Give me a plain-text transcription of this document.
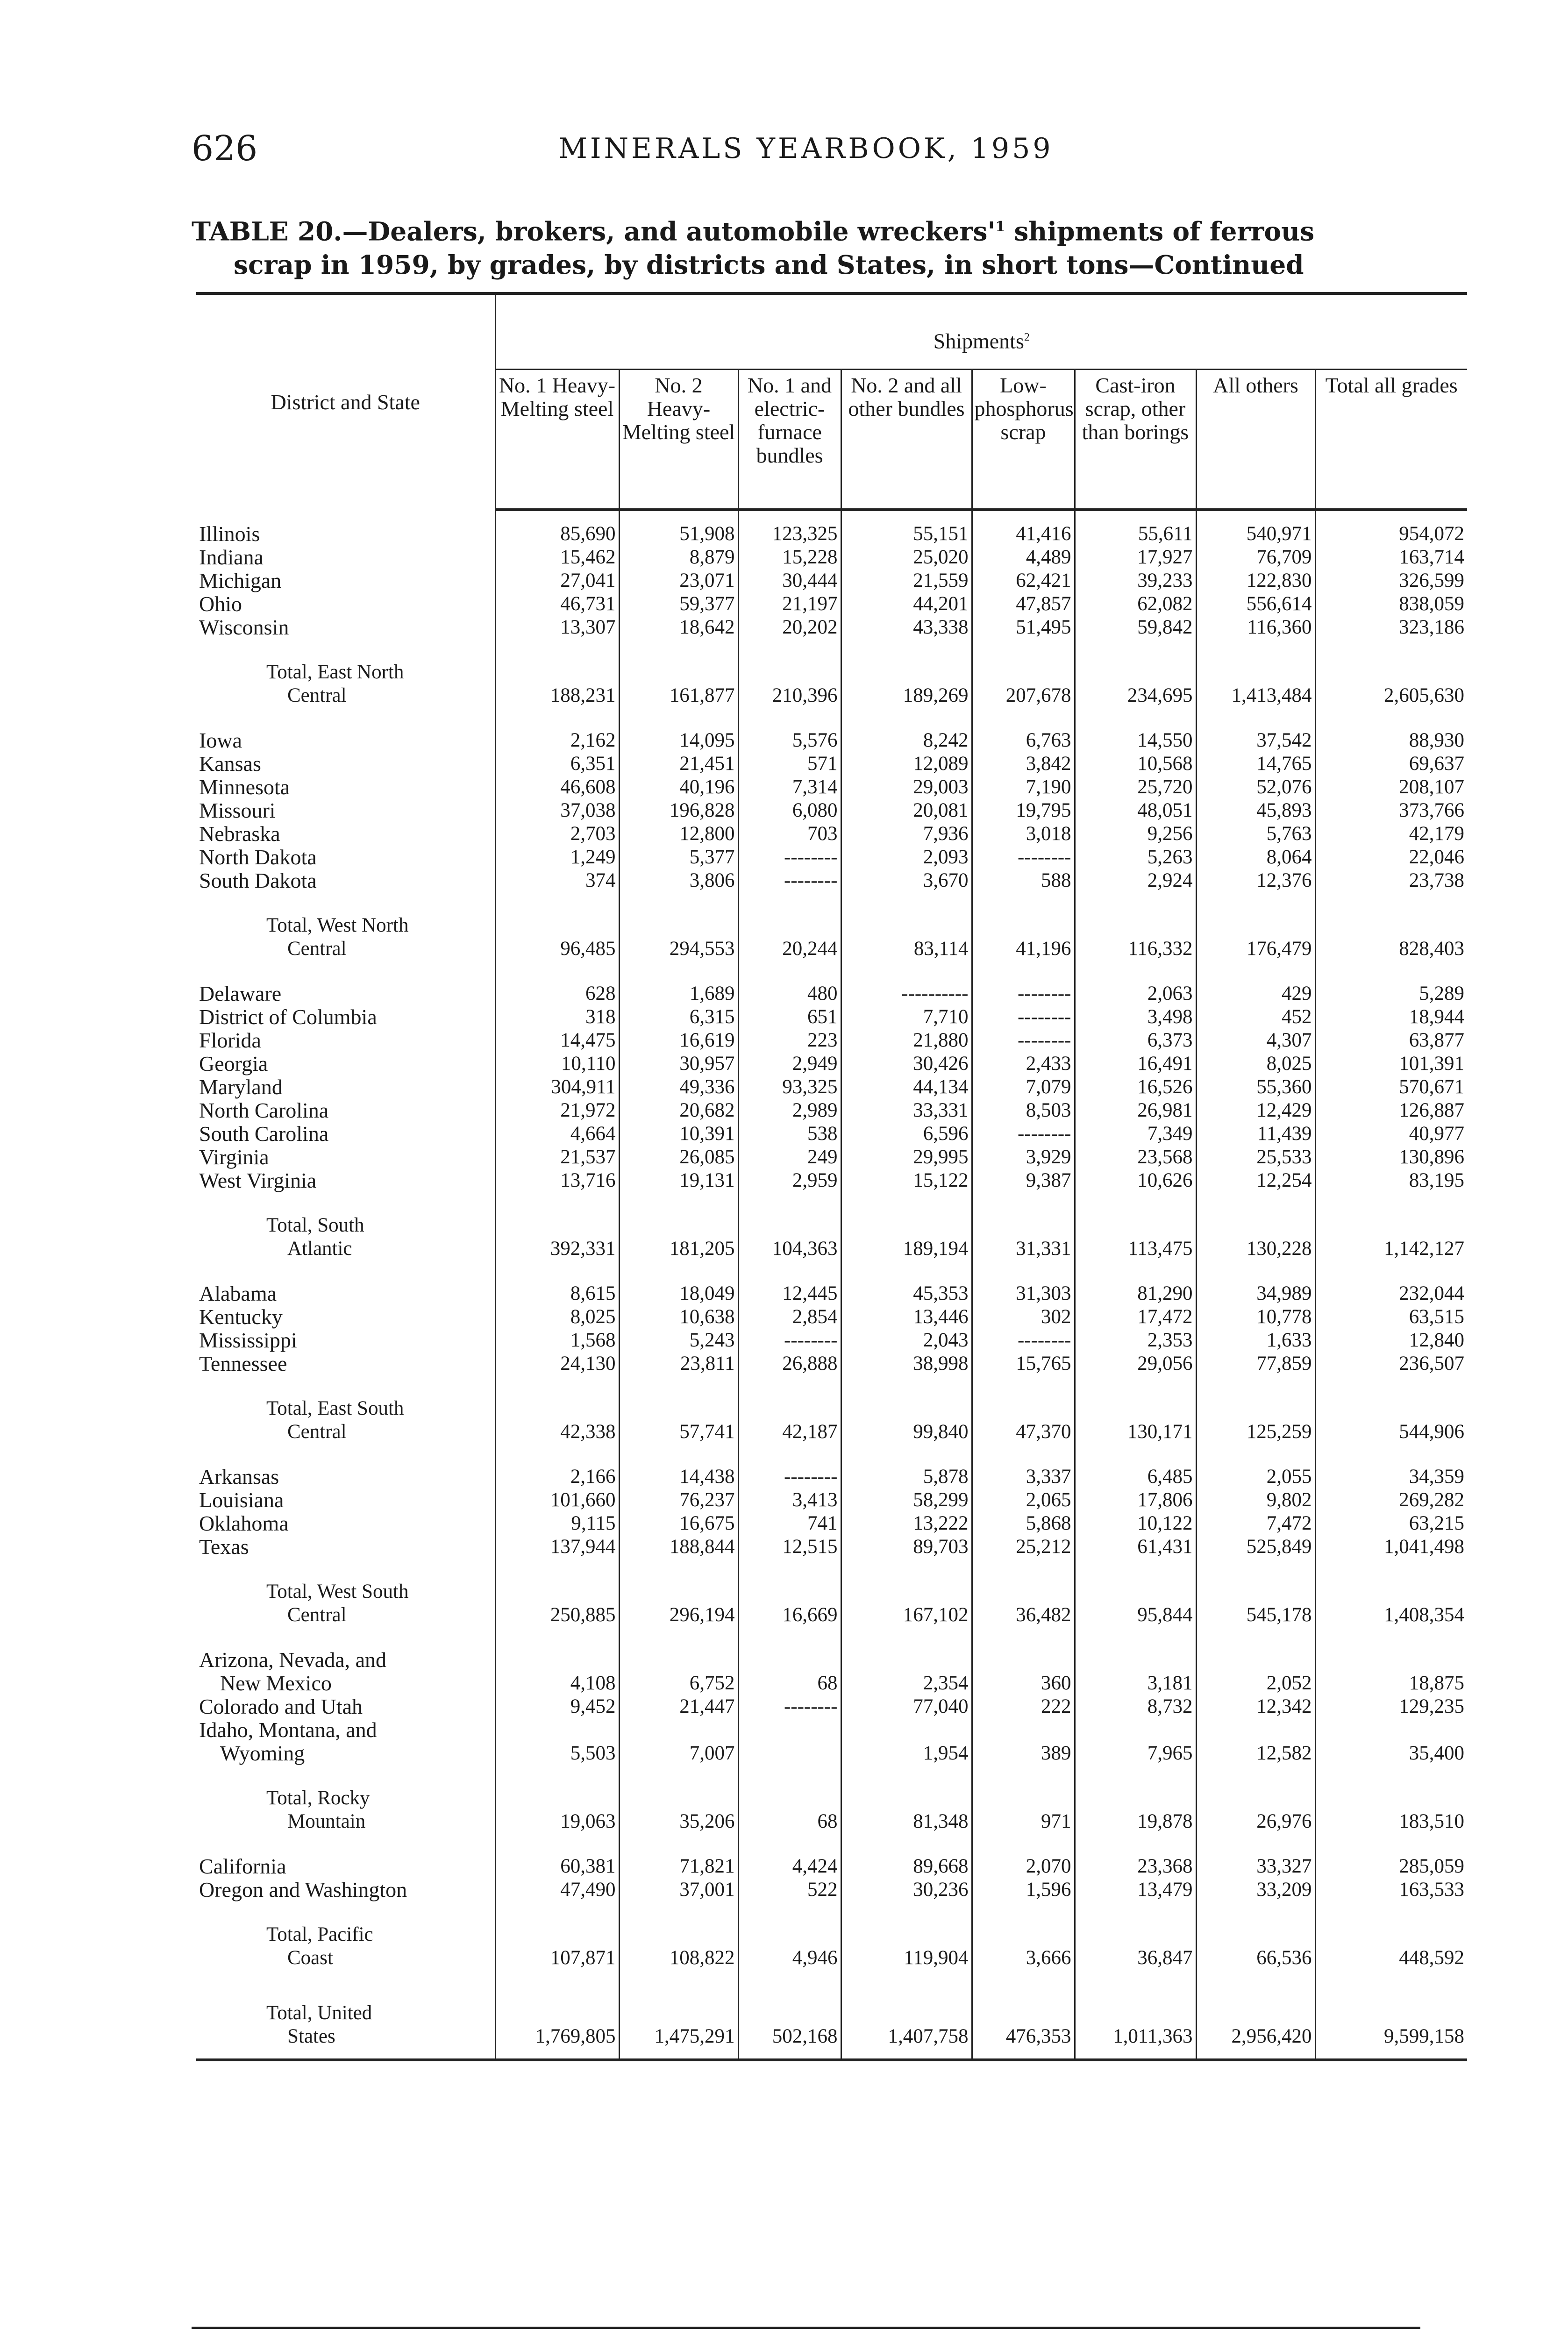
626	MINERALS YEARBOOK, 1959
TABLE 20.—Dealers, brokers, and automobile $wreckers'^1$ shipments of ferrous
scrap in 1959, by grades, by districts and States, in short tons—Continued
District and State	Shipments$^2$
	No. 1 Heavy-Melting steel	No. 2 Heavy-Melting steel	No. 1 and electric-furnace bundles	No. 2 and all other bundles	Low-phosphorus scrap	Cast-iron scrap, other than borings	All others	Total all grades

Illinois	85,690	51,908	123,325	55,151	41,416	55,611	540,971	954,072
Indiana	15,462	8,879	15,228	25,020	4,489	17,927	76,709	163,714
Michigan	27,041	23,071	30,444	21,559	62,421	39,233	122,830	326,599
Ohio	46,731	59,377	21,197	44,201	47,857	62,082	556,614	838,059
Wisconsin	13,307	18,642	20,202	43,338	51,495	59,842	116,360	323,186

Total, East North
Central	188,231	161,877	210,396	189,269	207,678	234,695	1,413,484	2,605,630

Iowa	2,162	14,095	5,576	8,242	6,763	14,550	37,542	88,930
Kansas	6,351	21,451	571	12,089	3,842	10,568	14,765	69,637
Minnesota	46,608	40,196	7,314	29,003	7,190	25,720	52,076	208,107
Missouri	37,038	196,828	6,080	20,081	19,795	48,051	45,893	373,766
Nebraska	2,703	12,800	703	7,936	3,018	9,256	5,763	42,179
North Dakota	1,249	5,377	--------	2,093	--------	5,263	8,064	22,046
South Dakota	374	3,806	--------	3,670	588	2,924	12,376	23,738

Total, West North
Central	96,485	294,553	20,244	83,114	41,196	116,332	176,479	828,403

Delaware	628	1,689	480	----------	--------	2,063	429	5,289
District of Columbia	318	6,315	651	7,710	--------	3,498	452	18,944
Florida	14,475	16,619	223	21,880	--------	6,373	4,307	63,877
Georgia	10,110	30,957	2,949	30,426	2,433	16,491	8,025	101,391
Maryland	304,911	49,336	93,325	44,134	7,079	16,526	55,360	570,671
North Carolina	21,972	20,682	2,989	33,331	8,503	26,981	12,429	126,887
South Carolina	4,664	10,391	538	6,596	--------	7,349	11,439	40,977
Virginia	21,537	26,085	249	29,995	3,929	23,568	25,533	130,896
West Virginia	13,716	19,131	2,959	15,122	9,387	10,626	12,254	83,195

Total, South
Atlantic	392,331	181,205	104,363	189,194	31,331	113,475	130,228	1,142,127

Alabama	8,615	18,049	12,445	45,353	31,303	81,290	34,989	232,044
Kentucky	8,025	10,638	2,854	13,446	302	17,472	10,778	63,515
Mississippi	1,568	5,243	--------	2,043	--------	2,353	1,633	12,840
Tennessee	24,130	23,811	26,888	38,998	15,765	29,056	77,859	236,507

Total, East South
Central	42,338	57,741	42,187	99,840	47,370	130,171	125,259	544,906

Arkansas	2,166	14,438	--------	5,878	3,337	6,485	2,055	34,359
Louisiana	101,660	76,237	3,413	58,299	2,065	17,806	9,802	269,282
Oklahoma	9,115	16,675	741	13,222	5,868	10,122	7,472	63,215
Texas	137,944	188,844	12,515	89,703	25,212	61,431	525,849	1,041,498

Total, West South
Central	250,885	296,194	16,669	167,102	36,482	95,844	545,178	1,408,354

Arizona, Nevada, and
New Mexico	4,108	6,752	68	2,354	360	3,181	2,052	18,875
Colorado and Utah	9,452	21,447	--------	77,040	222	8,732	12,342	129,235

Idaho, Montana, and
Wyoming	5,503	7,007		1,954	389	7,965	12,582	35,400

Total, Rocky
Mountain	19,063	35,206	68	81,348	971	19,878	26,976	183,510

California	60,381	71,821	4,424	89,668	2,070	23,368	33,327	285,059
Oregon and Washington	47,490	37,001	522	30,236	1,596	13,479	33,209	163,533

Total, Pacific
Coast	107,871	108,822	4,946	119,904	3,666	36,847	66,536	448,592

Total, United
States	1,769,805	1,475,291	502,168	1,407,758	476,353	1,011,363	2,956,420	9,599,158
